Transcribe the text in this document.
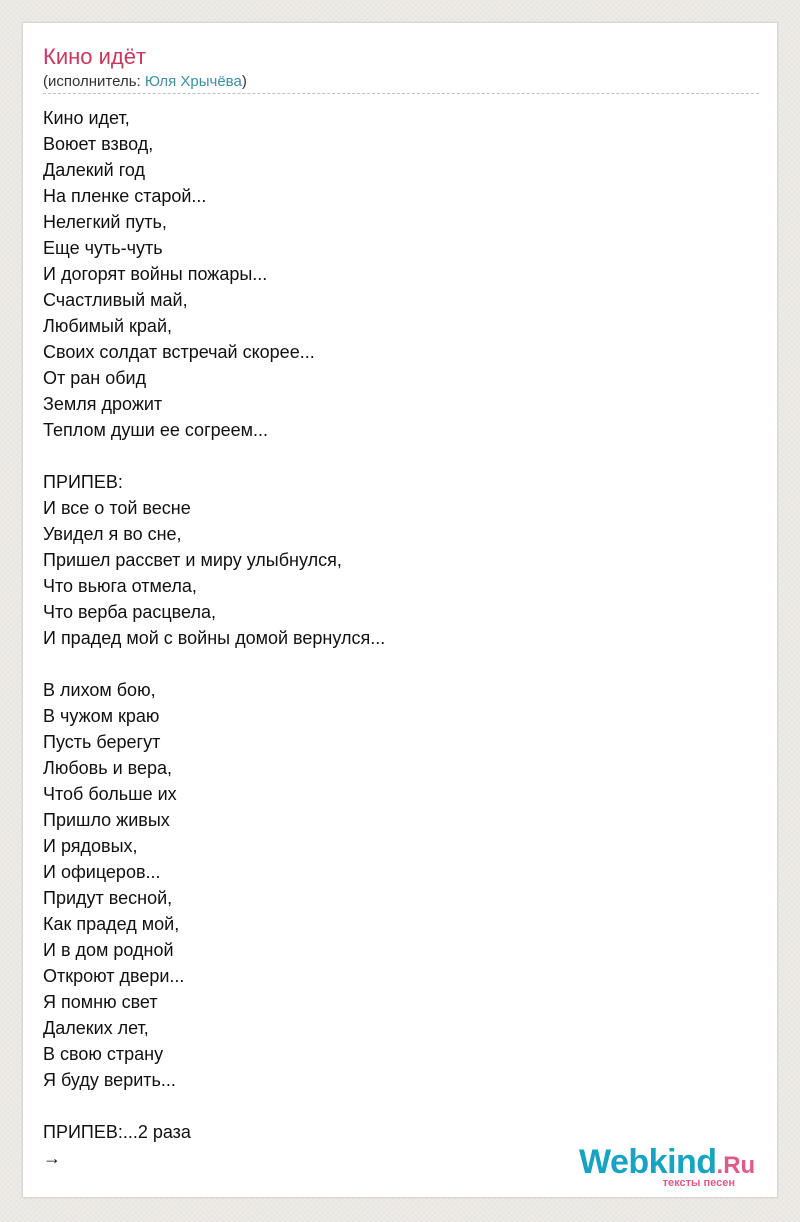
Кино идёт
(исполнитель: Юля Хрычёва)
Кино идет,
Воюет взвод,
Далекий год
На пленке старой...
Нелегкий путь,
Еще чуть-чуть
И догорят войны пожары...
Счастливый май,
Любимый край,
Своих солдат встречай скорее...
От ран обид
Земля дрожит
Теплом души ее согреем...
ПРИПЕВ:
И все о той весне
Увидел я во сне,
Пришел рассвет и миру улыбнулся,
Что вьюга отмела,
Что верба расцвела,
И прадед мой с войны домой вернулся...
В лихом бою,
В чужом краю
Пусть берегут
Любовь и вера,
Чтоб больше их
Пришло живых
И рядовых,
И офицеров...
Придут весной,
Как прадед мой,
И в дом родной
Откроют двери...
Я помню свет
Далеких лет,
В свою страну
Я буду верить...
ПРИПЕВ:...2 раза
→	Webkind.Ru
тексты песен
